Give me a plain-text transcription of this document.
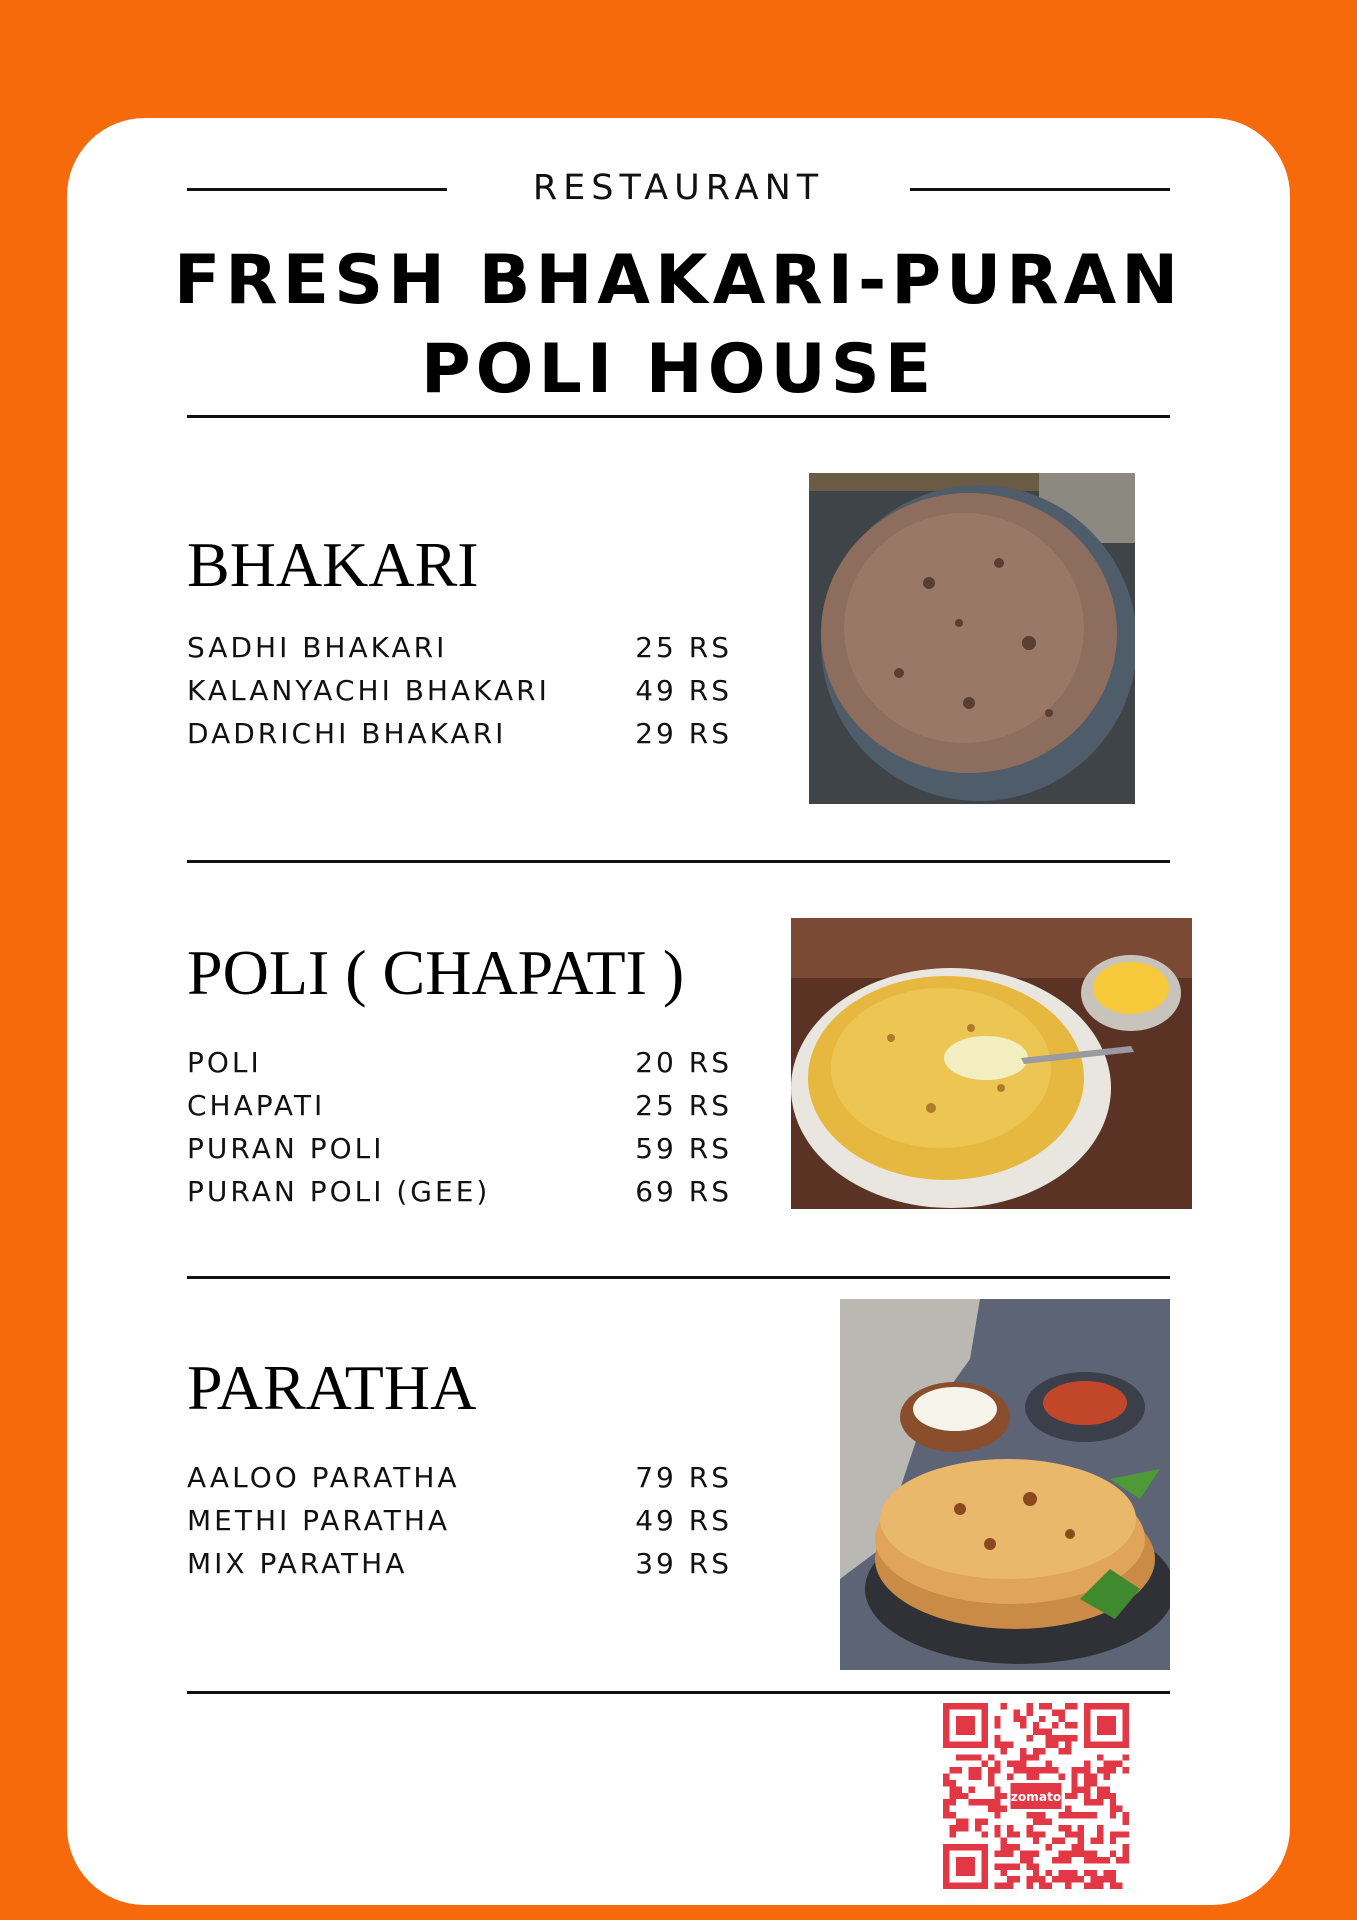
RESTAURANT
FRESH BHAKARI-PURAN POLI HOUSE
BHAKARI
SADHI BHAKARI	25 RS
KALANYACHI BHAKARI	49 RS
DADRICHI BHAKARI	29 RS
POLI ( CHAPATI )
POLI	20 RS
CHAPATI	25 RS
PURAN POLI	59 RS
PURAN POLI (GEE)	69 RS
PARATHA
AALOO PARATHA	79 RS
METHI PARATHA	49 RS
MIX PARATHA	39 RS
zomato
